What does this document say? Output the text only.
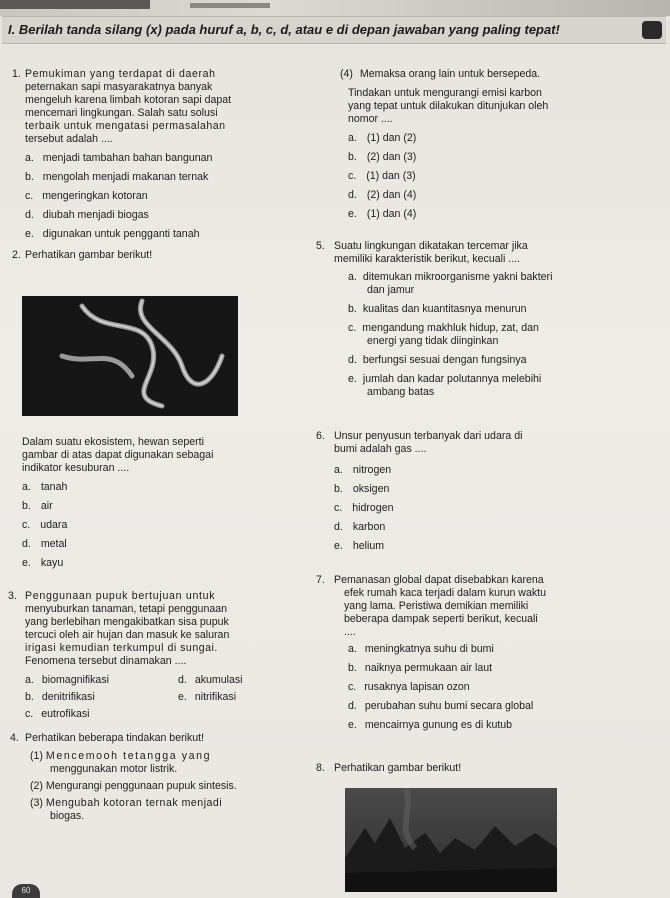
I. Berilah tanda silang (x) pada huruf a, b, c, d, atau e di depan jawaban yang paling tepat!
1. Pemukiman yang terdapat di daerah
peternakan sapi masyarakatnya banyak
mengeluh karena limbah kotoran sapi dapat
mencemari lingkungan. Salah satu solusi
terbaik untuk mengatasi permasalahan
tersebut adalah ....
a. menjadi tambahan bahan bangunan
b. mengolah menjadi makanan ternak
c. mengeringkan kotoran
d. diubah menjadi biogas
e. digunakan untuk pengganti tanah
2. Perhatikan gambar berikut!
Dalam suatu ekosistem, hewan seperti
gambar di atas dapat digunakan sebagai
indikator kesuburan ....
a. tanah
b. air
c. udara
d. metal
e. kayu
3. Penggunaan pupuk bertujuan untuk
menyuburkan tanaman, tetapi penggunaan
yang berlebihan mengakibatkan sisa pupuk
tercuci oleh air hujan dan masuk ke saluran
irigasi kemudian terkumpul di sungai.
Fenomena tersebut dinamakan ....
a. biomagnifikasi	d. akumulasi
b. denitrifikasi	e. nitrifikasi
c. eutrofikasi
4. Perhatikan beberapa tindakan berikut!
(1) Mencemooh tetangga yang
menggunakan motor listrik.
(2) Mengurangi penggunaan pupuk sintesis.
(3) Mengubah kotoran ternak menjadi
biogas.
(4) Memaksa orang lain untuk bersepeda.
Tindakan untuk mengurangi emisi karbon
yang tepat untuk dilakukan ditunjukan oleh
nomor ....
a. (1) dan (2)
b. (2) dan (3)
c. (1) dan (3)
d. (2) dan (4)
e. (1) dan (4)
5. Suatu lingkungan dikatakan tercemar jika
memiliki karakteristik berikut, kecuali ....
a. ditemukan mikroorganisme yakni bakteri
dan jamur
b. kualitas dan kuantitasnya menurun
c. mengandung makhluk hidup, zat, dan
energi yang tidak diinginkan
d. berfungsi sesuai dengan fungsinya
e. jumlah dan kadar polutannya melebihi
ambang batas
6. Unsur penyusun terbanyak dari udara di
bumi adalah gas ....
a. nitrogen
b. oksigen
c. hidrogen
d. karbon
e. helium
7. Pemanasan global dapat disebabkan karena
efek rumah kaca terjadi dalam kurun waktu
yang lama. Peristiwa demikian memiliki
beberapa dampak seperti berikut, kecuali
....
a. meningkatnya suhu di bumi
b. naiknya permukaan air laut
c. rusaknya lapisan ozon
d. perubahan suhu bumi secara global
e. mencairnya gunung es di kutub
8. Perhatikan gambar berikut!
60
